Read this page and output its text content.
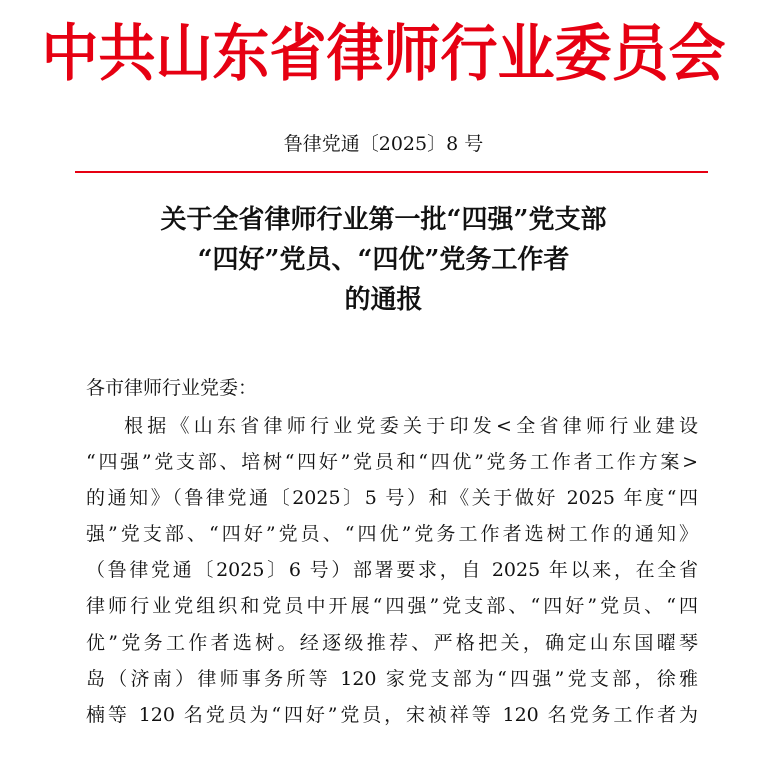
中共山东省律师行业委员会
鲁律党通〔2025〕8 号
关于全省律师行业第一批“四强”党支部
“四好”党员、“四优”党务工作者
的通报
各市律师行业党委：
根据《山东省律师行业党委关于印发<全省律师行业建设
“四强”党支部、培树“四好”党员和“四优”党务工作者工作方案>
的通知》（鲁律党通〔2025〕5 号）和《关于做好 2025 年度“四
强”党支部、“四好”党员、“四优”党务工作者选树工作的通知》
（鲁律党通〔2025〕6 号）部署要求，自 2025 年以来，在全省
律师行业党组织和党员中开展“四强”党支部、“四好”党员、“四
优”党务工作者选树。经逐级推荐、严格把关，确定山东国曜琴
岛（济南）律师事务所等 120 家党支部为“四强”党支部，徐雅
楠等 120 名党员为“四好”党员，宋祯祥等 120 名党务工作者为
